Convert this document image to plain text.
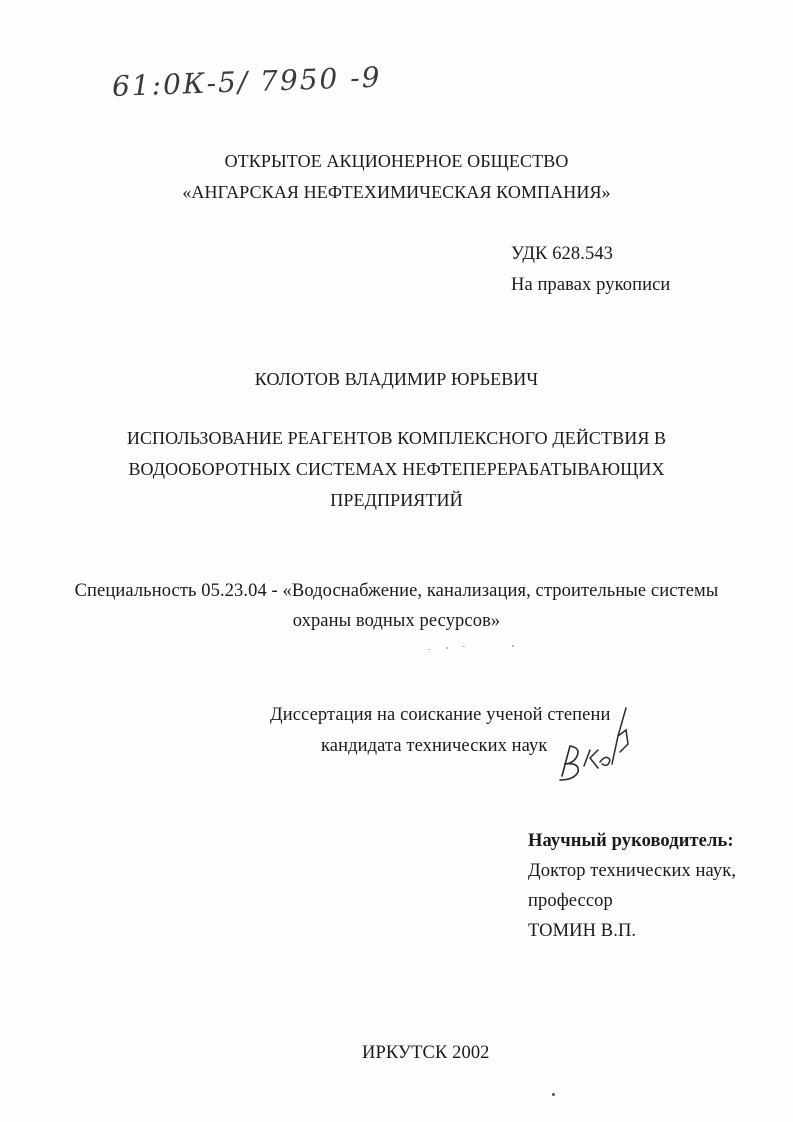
61:0К-5/ 7950 -9
ОТКРЫТОЕ АКЦИОНЕРНОЕ ОБЩЕСТВО
«АНГАРСКАЯ НЕФТЕХИМИЧЕСКАЯ КОМПАНИЯ»
УДК 628.543
На правах рукописи
КОЛОТОВ ВЛАДИМИР ЮРЬЕВИЧ
ИСПОЛЬЗОВАНИЕ РЕАГЕНТОВ КОМПЛЕКСНОГО ДЕЙСТВИЯ В
ВОДООБОРОТНЫХ СИСТЕМАХ НЕФТЕПЕРЕРАБАТЫВАЮЩИХ
ПРЕДПРИЯТИЙ
Специальность 05.23.04 - «Водоснабжение, канализация, строительные системы
охраны водных ресурсов»
Диссертация на соискание ученой степени
кандидата технических наук
Научный руководитель:
Доктор технических наук,
профессор
ТОМИН В.П.
ИРКУТСК 2002
